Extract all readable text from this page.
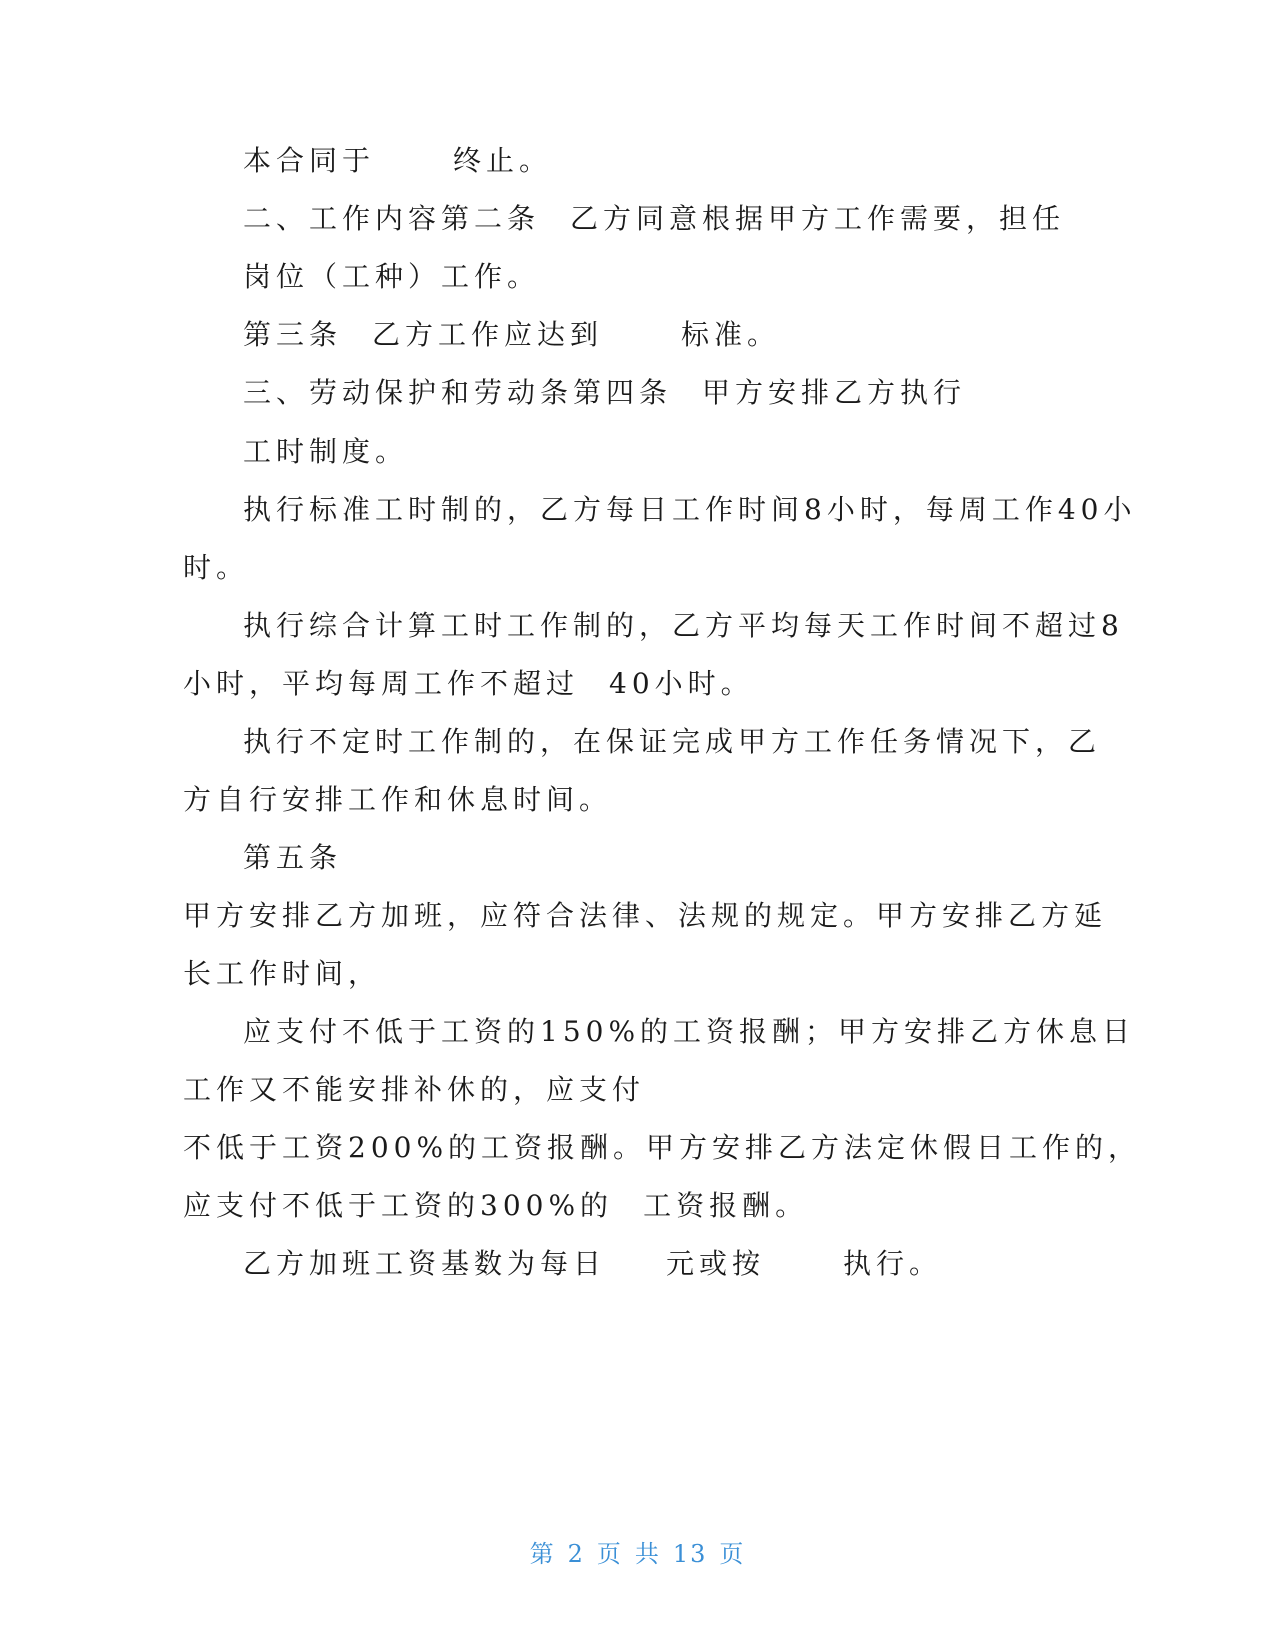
本合同于	终止。
二、工作内容第二条 乙方同意根据甲方工作需要，担任
岗位（工种）工作。
第三条 乙方工作应达到	标准。
三、劳动保护和劳动条第四条 甲方安排乙方执行
工时制度。
执行标准工时制的，乙方每日工作时间8小时，每周工作40小
时。
执行综合计算工时工作制的，乙方平均每天工作时间不超过8
小时，平均每周工作不超过 40小时。
执行不定时工作制的，在保证完成甲方工作任务情况下，乙
方自行安排工作和休息时间。
第五条
甲方安排乙方加班，应符合法律、法规的规定。甲方安排乙方延
长工作时间，
应支付不低于工资的150%的工资报酬；甲方安排乙方休息日
工作又不能安排补休的，应支付
不低于工资200%的工资报酬。甲方安排乙方法定休假日工作的，
应支付不低于工资的300%的 工资报酬。
乙方加班工资基数为每日 元或按	执行。
第 2 页 共 13 页
